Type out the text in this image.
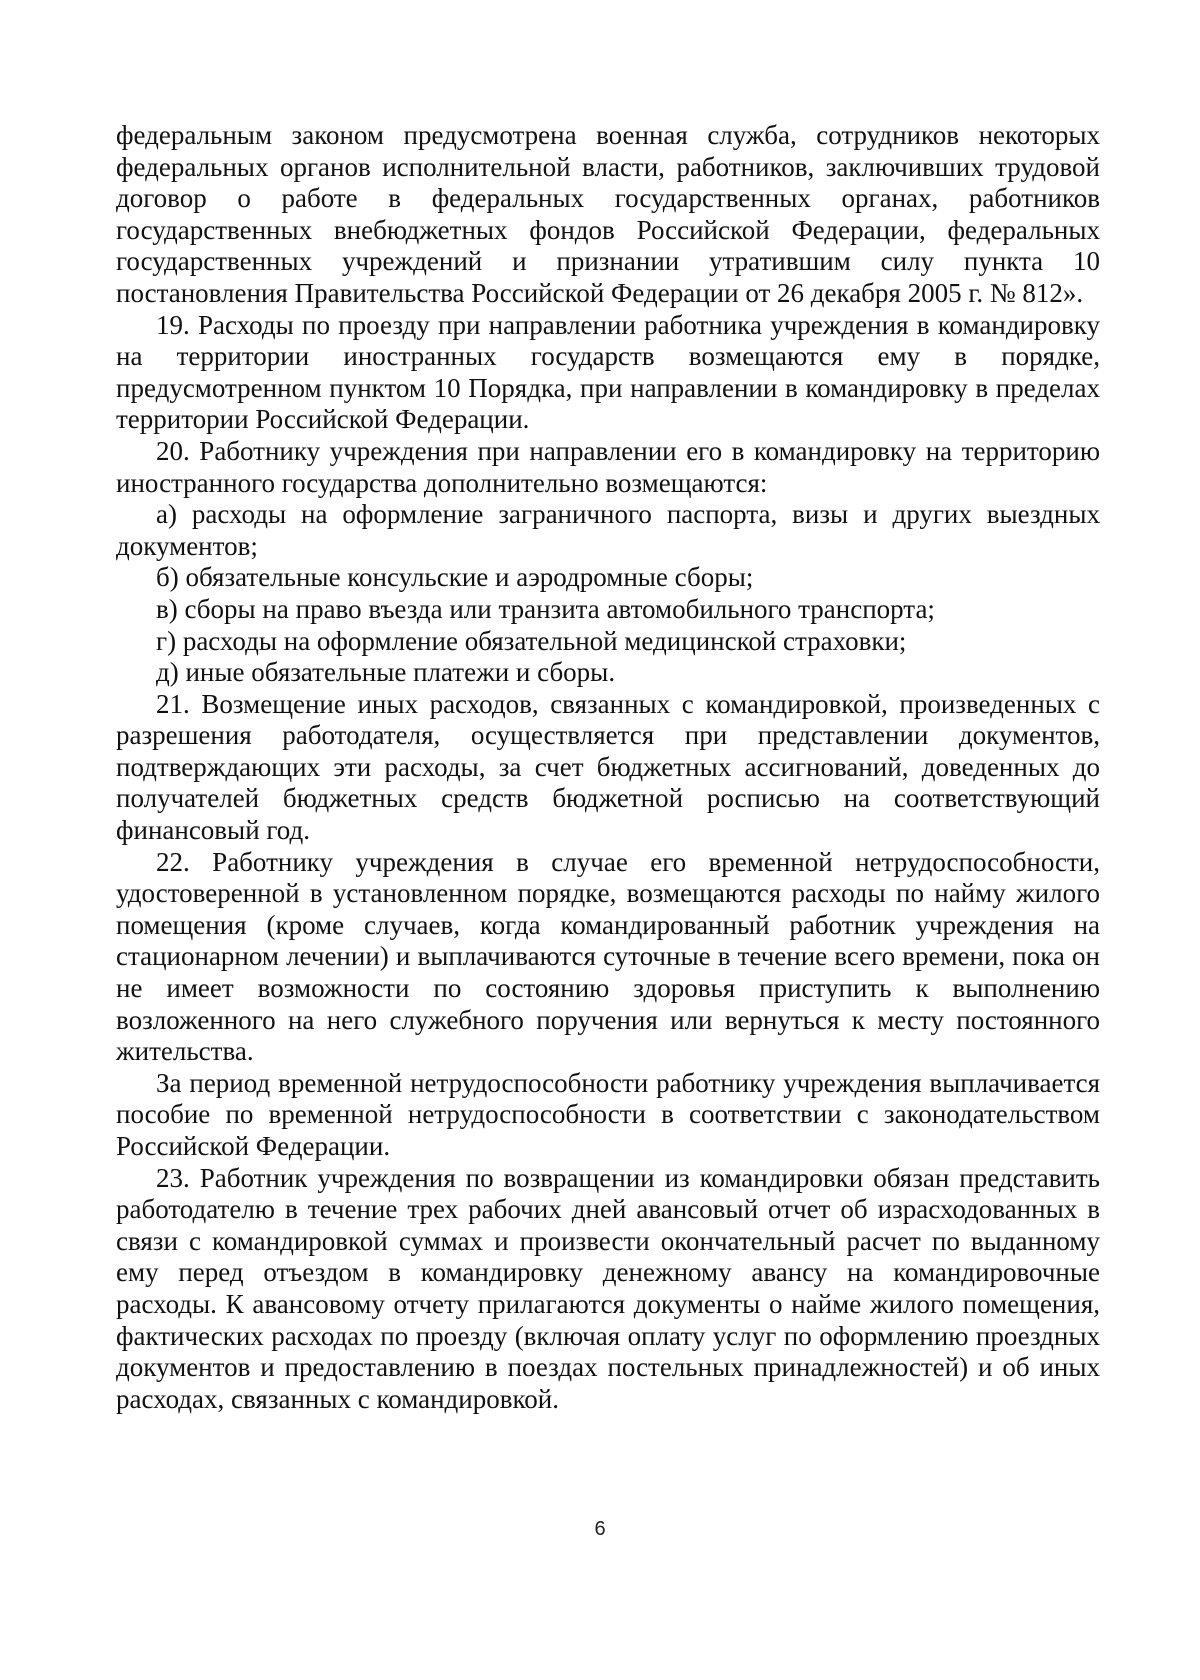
федеральным законом предусмотрена военная служба, сотрудников некоторых федеральных органов исполнительной власти, работников, заключивших трудовой договор о работе в федеральных государственных органах, работников государственных внебюджетных фондов Российской Федерации, федеральных государственных учреждений и признании утратившим силу пункта 10 постановления Правительства Российской Федерации от 26 декабря 2005 г. № 812».

19. Расходы по проезду при направлении работника учреждения в командировку на территории иностранных государств возмещаются ему в порядке, предусмотренном пунктом 10 Порядка, при направлении в командировку в пределах территории Российской Федерации.

20. Работнику учреждения при направлении его в командировку на территорию иностранного государства дополнительно возмещаются:

а) расходы на оформление заграничного паспорта, визы и других выездных документов;

б) обязательные консульские и аэродромные сборы;

в) сборы на право въезда или транзита автомобильного транспорта;

г) расходы на оформление обязательной медицинской страховки;

д) иные обязательные платежи и сборы.

21. Возмещение иных расходов, связанных с командировкой, произведенных с разрешения работодателя, осуществляется при представлении документов, подтверждающих эти расходы, за счет бюджетных ассигнований, доведенных до получателей бюджетных средств бюджетной росписью на соответствующий финансовый год.

22. Работнику учреждения в случае его временной нетрудоспособности, удостоверенной в установленном порядке, возмещаются расходы по найму жилого помещения (кроме случаев, когда командированный работник учреждения на стационарном лечении) и выплачиваются суточные в течение всего времени, пока он не имеет возможности по состоянию здоровья приступить к выполнению возложенного на него служебного поручения или вернуться к месту постоянного жительства.

За период временной нетрудоспособности работнику учреждения выплачивается пособие по временной нетрудоспособности в соответствии с законодательством Российской Федерации.

23. Работник учреждения по возвращении из командировки обязан представить работодателю в течение трех рабочих дней авансовый отчет об израсходованных в связи с командировкой суммах и произвести окончательный расчет по выданному ему перед отъездом в командировку денежному авансу на командировочные расходы. К авансовому отчету прилагаются документы о найме жилого помещения, фактических расходах по проезду (включая оплату услуг по оформлению проездных документов и предоставлению в поездах постельных принадлежностей) и об иных расходах, связанных с командировкой.

6
